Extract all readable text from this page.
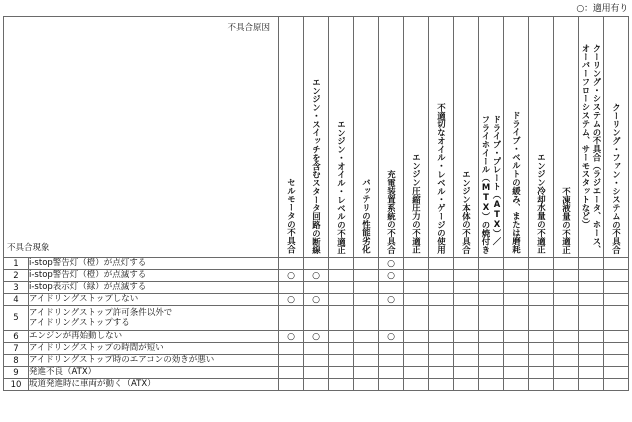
○：適用有り
不具合原因
不具合現象		セルモータの不具合	エンジン・スイッチを含むスタータ回路の断線	エンジン・オイル・レベルの不適正	バッテリの性能劣化	充電装置系統の不具合	エンジン圧縮圧力の不適正	不適切なオイル・レベル・ゲージの使用	エンジン本体の不具合	ドライブ・プレート（ATX）／
フライホイール（MTX）の焼付き	ドライブ・ベルトの緩み、または磨耗	エンジン冷却水量の不適正	不凍液量の不適正	クーリング・システムの不具合（ラジエータ、ホース、
オーバーフローシステム、サーモスタットなど）	クーリング・ファン・システムの不具合

1	i-stop警告灯（橙）が点灯する					○									
2	i-stop警告灯（橙）が点滅する	○	○			○									
3	i-stop表示灯（緑）が点滅する														
4	アイドリングストップしない	○	○			○									
5	アイドリングストップ許可条件以外で
アイドリングストップする														
6	エンジンが再始動しない	○	○			○									
7	アイドリングストップの時間が短い														
8	アイドリングストップ時のエアコンの効きが悪い														
9	発進不良（ATX）														
10	坂道発進時に車両が動く（ATX）														
